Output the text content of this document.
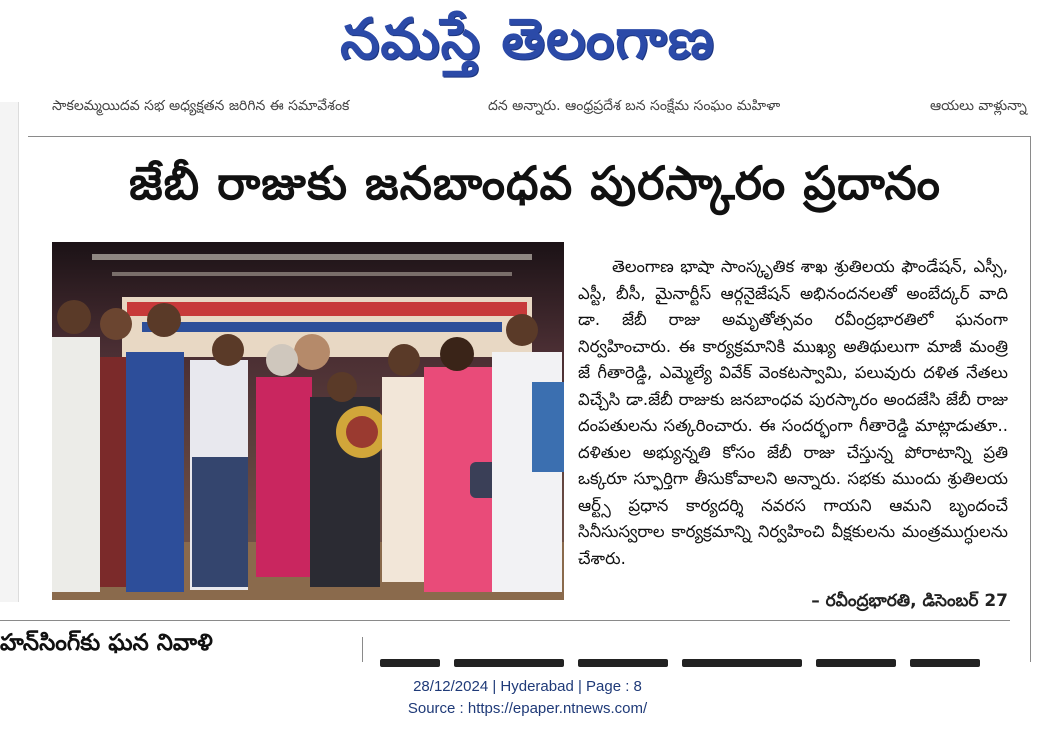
నమస్తే తెలంగాణ
సాకలమ్మయిదవ సభ అధ్యక్షతన జరిగిన ఈ సమావేశంక	దన అన్నారు. ఆంధ్రప్రదేశ బన సంక్షేమ సంఘం మహిళా	ఆయలు వాళ్లున్నా
జేబీ రాజుకు జనబాంధవ పురస్కారం ప్రదానం
తెలంగాణ భాషా సాంస్కృతిక శాఖ శ్రుతిలయ ఫౌండేషన్, ఎస్సీ, ఎస్టీ, బీసీ, మైనార్టీస్ ఆర్గనైజేషన్ అభినందనలతో అంబేద్కర్ వాది డా. జేబీ రాజు అమృతోత్సవం రవీంద్రభారతిలో ఘనంగా నిర్వహించారు. ఈ కార్యక్రమానికి ముఖ్య అతిథులుగా మాజీ మంత్రి జే గీతారెడ్డి, ఎమ్మెల్యే వివేక్ వెంకటస్వామి, పలువురు దళిత నేతలు విచ్చేసి డా.జేబీ రాజుకు జనబాంధవ పురస్కారం అందజేసి జేబీ రాజు దంపతులను సత్కరించారు. ఈ సందర్భంగా గీతారెడ్డి మాట్లాడుతూ.. దళితుల అభ్యున్నతి కోసం జేబీ రాజు చేస్తున్న పోరాటాన్ని ప్రతి ఒక్కరూ స్ఫూర్తిగా తీసుకోవాలని అన్నారు. సభకు ముందు శ్రుతిలయ ఆర్ట్స్ ప్రధాన కార్యదర్శి నవరస గాయని ఆమని బృందంచే సినీసుస్వరాల కార్యక్రమాన్ని నిర్వహించి వీక్షకులను మంత్రముగ్ధులను చేశారు.
– రవీంద్రభారతి, డిసెంబర్ 27
హన్‌సింగ్‌కు ఘన నివాళి
28/12/2024 | Hyderabad | Page : 8
Source : https://epaper.ntnews.com/
